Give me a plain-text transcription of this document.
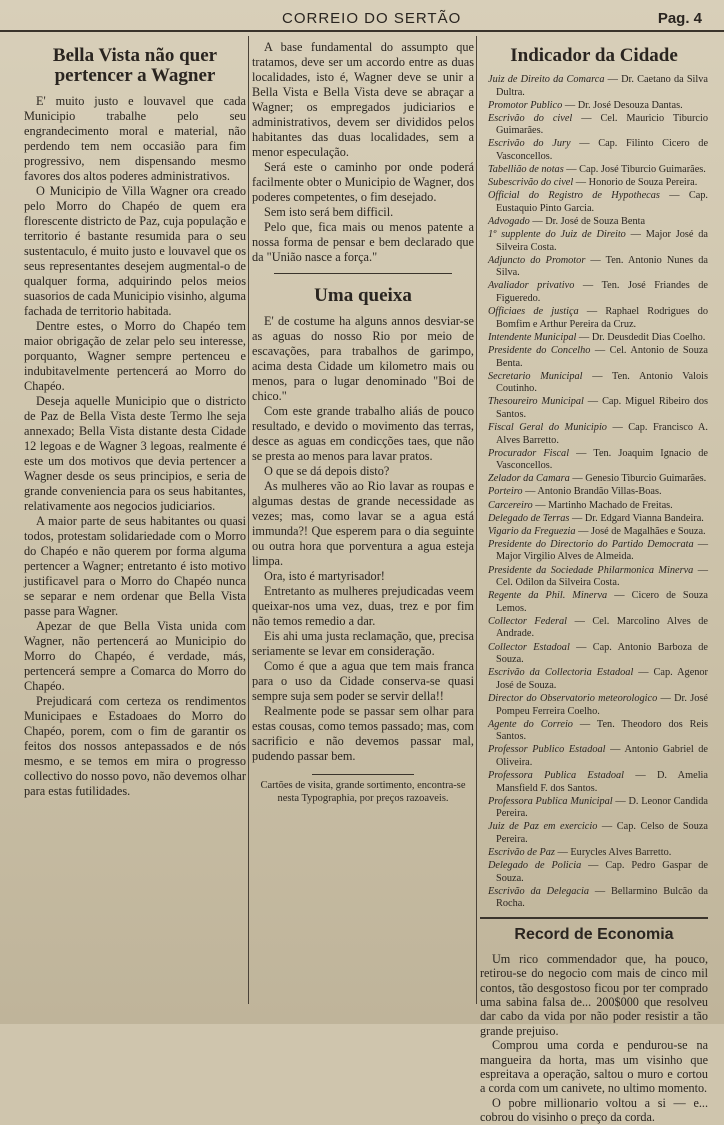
CORREIO DO SERTÃO	Pag. 4
Bella Vista não quer pertencer a Wagner

E' muito justo e louvavel que cada Municipio trabalhe pelo seu engrandecimento moral e material, não perdendo tem nem occasião para fim progressivo, nem dispensando mesmo favores dos altos poderes administrativos.

O Municipio de Villa Wagner ora creado pelo Morro do Chapéo de quem era florescente districto de Paz, cuja população e territorio é bastante resumida para o seu sustentaculo, é muito justo e louvavel que os seus representantes desejem augmental-o de qualquer forma, adquirindo pelos meios suasorios de cada Municipio visinho, alguma fachada de territorio habitada.

Dentre estes, o Morro do Chapéo tem maior obrigação de zelar pelo seu interesse, porquanto, Wagner sempre pertenceu e indubitavelmente pertencerá ao Morro do Chapéo.

Deseja aquelle Municipio que o districto de Paz de Bella Vista deste Termo lhe seja annexado; Bella Vista distante desta Cidade 12 legoas e de Wagner 3 legoas, realmente é este um dos motivos que devia pertencer a Wagner desde os seus principios, e seria de grande conveniencia para os seus habitantes, relativamente aos negocios judiciarios.

A maior parte de seus habitantes ou quasi todos, protestam solidariedade com o Morro do Chapéo e não querem por forma alguma pertencer a Wagner; entretanto é isto motivo justificavel para o Morro do Chapéo nunca se separar e nem ordenar que Bella Vista passe para Wagner.

Apezar de que Bella Vista unida com Wagner, não pertencerá ao Municipio do Morro do Chapéo, é verdade, más, pertencerá sempre a Comarca do Morro do Chapéo.

Prejudicará com certeza os rendimentos Municipaes e Estadoaes do Morro do Chapéo, porem, com o fim de garantir os feitos dos nossos antepassados e de nós mesmo, e se temos em mira o progresso collectivo do nosso povo, não devemos olhar para estas futilidades.

A base fundamental do assumpto que tratamos, deve ser um accordo entre as duas localidades, isto é, Wagner deve se unir a Bella Vista e Bella Vista deve se abraçar a Wagner; os empregados judiciarios e administrativos, devem ser divididos pelos habitantes das duas localidades, sem a menor especulação.

Será este o caminho por onde poderá facilmente obter o Municipio de Wagner, dos poderes competentes, o fim desejado.

Sem isto será bem difficil.

Pelo que, fica mais ou menos patente a nossa forma de pensar e bem declarado que da "União nasce a força."

Uma queixa

E' de costume ha alguns annos desviar-se as aguas do nosso Rio por meio de escavações, para trabalhos de garimpo, acima desta Cidade um kilometro mais ou menos, para o lugar denominado "Boi de chico."

Com este grande trabalho aliás de pouco resultado, e devido o movimento das terras, desce as aguas em condicções taes, que não se presta ao menos para lavar pratos.

O que se dá depois disto?

As mulheres vão ao Rio lavar as roupas e algumas destas de grande necessidade as vezes; mas, como lavar se a agua está immunda?! Que esperem para o dia seguinte ou outra hora que porventura a agua esteja limpa.

Ora, isto é martyrisador!

Entretanto as mulheres prejudicadas veem queixar-nos uma vez, duas, trez e por fim não temos remedio a dar.

Eis ahi uma justa reclamação, que, precisa seriamente se levar em consideração.

Como é que a agua que tem mais franca para o uso da Cidade conserva-se quasi sempre suja sem poder se servir della!!

Realmente pode se passar sem olhar para estas cousas, como temos passado; mas, com sacrificio e não devemos passar mal, pudendo passar bem.

Cartões de visita, grande sortimento, encontra-se nesta Typographia, por preços razoaveis.
Indicador da Cidade
Juiz de Direito da Comarca — Dr. Caetano da Silva Dultra.
Promotor Publico — Dr. José Desouza Dantas.
Escrivão do civel — Cel. Mauricio Tiburcio Guimarães.
Escrivão do Jury — Cap. Filinto Cicero de Vasconcellos.
Tabellião de notas — Cap. José Tiburcio Guimarães.
Subescrivão do civel — Honorio de Souza Pereira.
Official do Registro de Hypothecas — Cap. Eustaquio Pinto Garcia.
Advogado — Dr. José de Souza Benta
1º supplente do Juiz de Direito — Major José da Silveira Costa.
Adjuncto do Promotor — Ten. Antonio Nunes da Silva.
Avaliador privativo — Ten. José Friandes de Figueredo.
Officiaes de justiça — Raphael Rodrigues do Bomfim e Arthur Pereira da Cruz.
Intendente Municipal — Dr. Deusdedit Dias Coelho.
Presidente do Concelho — Cel. Antonio de Souza Benta.
Secretario Municipal — Ten. Antonio Valois Coutinho.
Thesoureiro Municipal — Cap. Miguel Ribeiro dos Santos.
Fiscal Geral do Municipio — Cap. Francisco A. Alves Barretto.
Procurador Fiscal — Ten. Joaquim Ignacio de Vasconcellos.
Zelador da Camara — Genesio Tiburcio Guimarães.
Porteiro — Antonio Brandão Villas-Boas.
Carcereiro — Martinho Machado de Freitas.
Delegado de Terras — Dr. Edgard Vianna Bandeira.
Vigario da Freguezia — José de Magalhães e Souza.
Presidente do Directorio do Partido Democrata — Major Virgilio Alves de Almeida.
Presidente da Sociedade Philarmonica Minerva — Cel. Odilon da Silveira Costa.
Regente da Phil. Minerva — Cicero de Souza Lemos.
Collector Federal — Cel. Marcolino Alves de Andrade.
Collector Estadoal — Cap. Antonio Barboza de Souza.
Escrivão da Collectoria Estadoal — Cap. Agenor José de Souza.
Director do Observatorio meteorologico — Dr. José Pompeu Ferreira Coelho.
Agente do Correio — Ten. Theodoro dos Reis Santos.
Professor Publico Estadoal — Antonio Gabriel de Oliveira.
Professora Publica Estadoal — D. Amelia Mansfield F. dos Santos.
Professora Publica Municipal — D. Leonor Candida Pereira.
Juiz de Paz em exercicio — Cap. Celso de Souza Pereira.
Escrivão de Paz — Eurycles Alves Barretto.
Delegado de Policia — Cap. Pedro Gaspar de Souza.
Escrivão da Delegacia — Bellarmino Bulcão da Rocha.
Record de Economia

Um rico commendador que, ha pouco, retirou-se do negocio com mais de cinco mil contos, tão desgostoso ficou por ter comprado uma sabina falsa de... 200$000 que resolveu dar cabo da vida por não poder resistir a tão grande prejuiso.

Comprou uma corda e pendurou-se na mangueira da horta, mas um visinho que espreitava a operação, saltou o muro e cortou a corda com um canivete, no ultimo momento.

O pobre millionario voltou a si — e... cobrou do visinho o preço da corda.
